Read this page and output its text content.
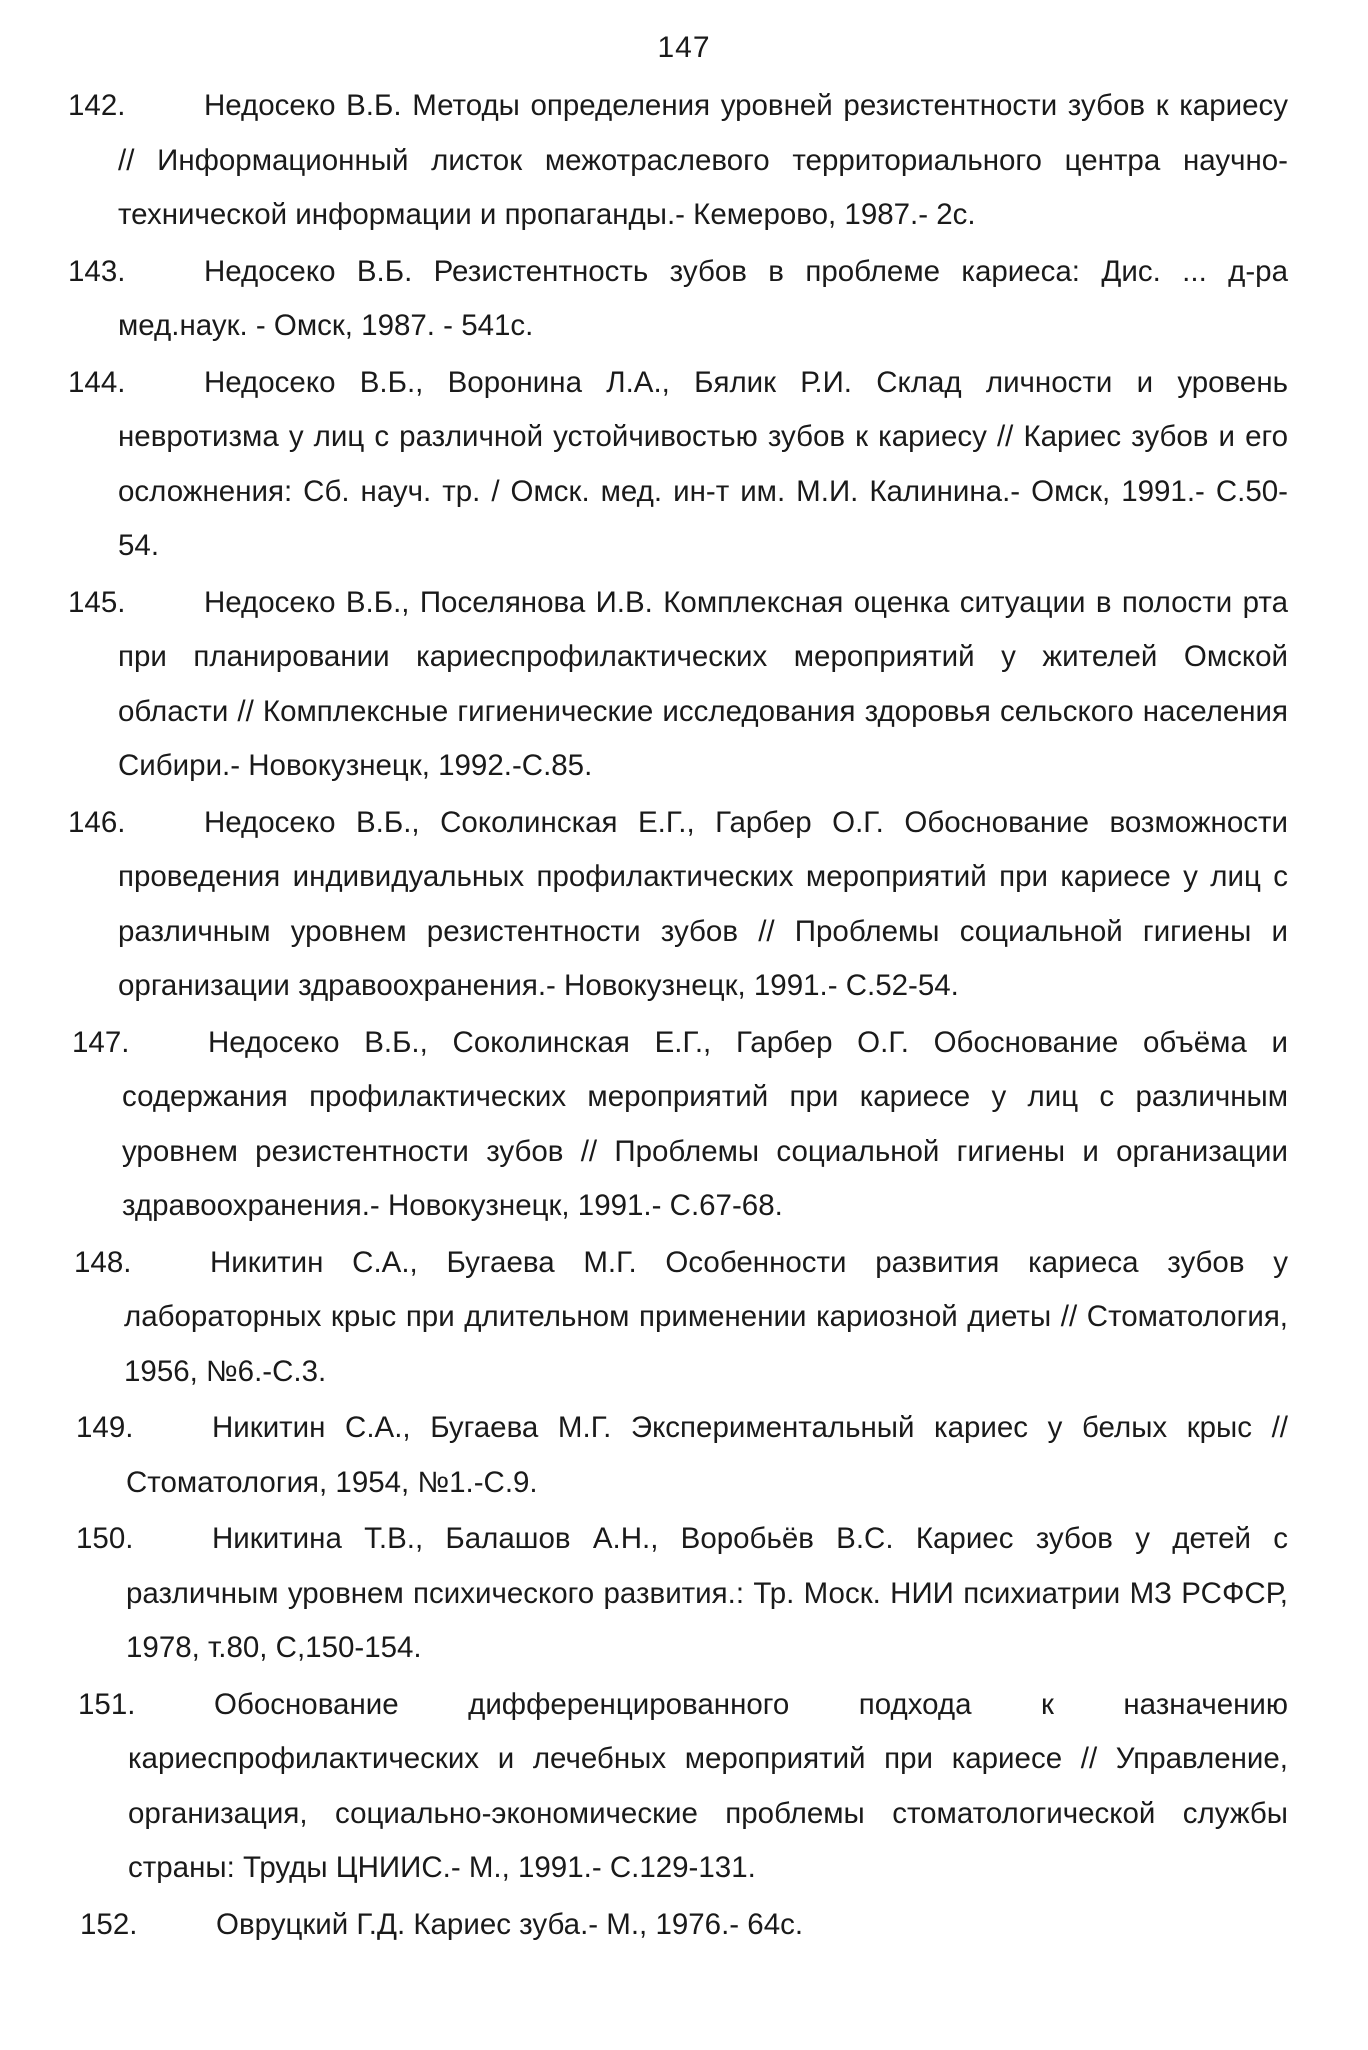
147
142.	Недосеко В.Б. Методы определения уровней резистентности зубов к кариесу // Информационный листок межотраслевого территориального центра научно-технической информации и пропаганды.- Кемерово, 1987.- 2с.
143.	Недосеко В.Б. Резистентность зубов в проблеме кариеса: Дис. ... д-ра мед.наук. - Омск, 1987. - 541с.
144.	Недосеко В.Б., Воронина Л.А., Бялик Р.И. Склад личности и уровень невротизма у лиц с различной устойчивостью зубов к кариесу // Кариес зубов и его осложнения: Сб. науч. тр. / Омск. мед. ин-т им. М.И. Калинина.- Омск, 1991.- С.50-54.
145.	Недосеко В.Б., Поселянова И.В. Комплексная оценка ситуации в полости рта при планировании кариеспрофилактических мероприятий у жителей Омской области // Комплексные гигиенические исследования здоровья сельского населения Сибири.- Новокузнецк, 1992.-С.85.
146.	Недосеко В.Б., Соколинская Е.Г., Гарбер О.Г. Обоснование возможности проведения индивидуальных профилактических мероприятий при кариесе у лиц с различным уровнем резистентности зубов // Проблемы социальной гигиены и организации здравоохранения.- Новокузнецк, 1991.- С.52-54.
147.	Недосеко В.Б., Соколинская Е.Г., Гарбер О.Г. Обоснование объёма и содержания профилактических мероприятий при кариесе у лиц с различным уровнем резистентности зубов // Проблемы социальной гигиены и организации здравоохранения.- Новокузнецк, 1991.- С.67-68.
148.	Никитин С.А., Бугаева М.Г. Особенности развития кариеса зубов у лабораторных крыс при длительном применении кариозной диеты // Стоматология, 1956, №6.-С.3.
149.	Никитин С.А., Бугаева М.Г. Экспериментальный кариес у белых крыс // Стоматология, 1954, №1.-С.9.
150.	Никитина Т.В., Балашов А.Н., Воробьёв В.С. Кариес зубов у детей с различным уровнем психического развития.: Тр. Моск. НИИ психиатрии МЗ РСФСР, 1978, т.80, С,150-154.
151.	Обоснование дифференцированного подхода к назначению кариеспрофилактических и лечебных мероприятий при кариесе // Управление, организация, социально-экономические проблемы стоматологической службы страны: Труды ЦНИИС.- М., 1991.- С.129-131.
152.	Овруцкий Г.Д. Кариес зуба.- М., 1976.- 64с.
